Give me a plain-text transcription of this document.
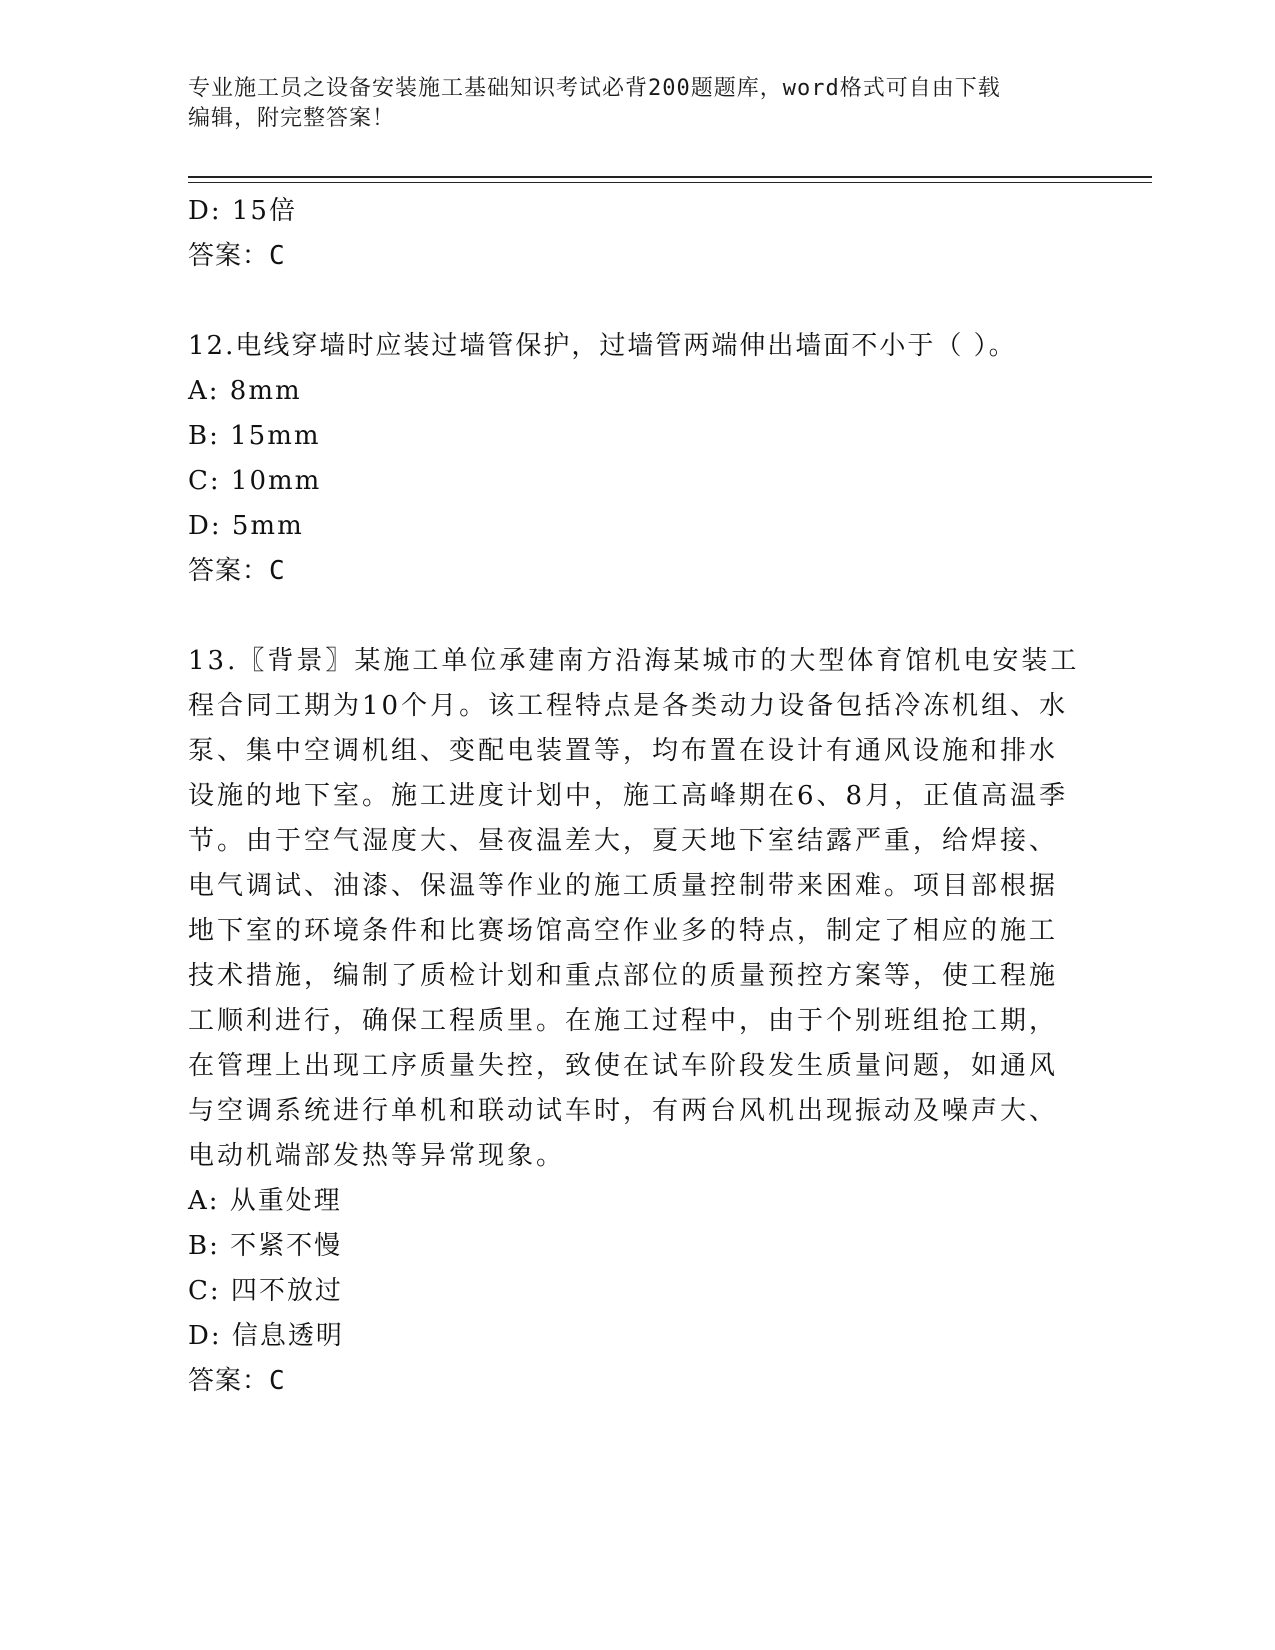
专业施工员之设备安装施工基础知识考试必背200题题库，word格式可自由下载
编辑，附完整答案！
D: 15倍
答案：C
12.电线穿墙时应装过墙管保护，过墙管两端伸出墙面不小于（ ）。
A: 8mm
B: 15mm
C: 10mm
D: 5mm
答案：C
13.〖背景〗某施工单位承建南方沿海某城市的大型体育馆机电安装工
程合同工期为10个月。该工程特点是各类动力设备包括冷冻机组、水
泵、集中空调机组、变配电装置等，均布置在设计有通风设施和排水
设施的地下室。施工进度计划中，施工高峰期在6、8月，正值高温季
节。由于空气湿度大、昼夜温差大，夏天地下室结露严重，给焊接、
电气调试、油漆、保温等作业的施工质量控制带来困难。项目部根据
地下室的环境条件和比赛场馆高空作业多的特点，制定了相应的施工
技术措施，编制了质检计划和重点部位的质量预控方案等，使工程施
工顺利进行，确保工程质里。在施工过程中，由于个别班组抢工期，
在管理上出现工序质量失控，致使在试车阶段发生质量问题，如通风
与空调系统进行单机和联动试车时，有两台风机出现振动及噪声大、
电动机端部发热等异常现象。
A: 从重处理
B: 不紧不慢
C: 四不放过
D: 信息透明
答案：C
